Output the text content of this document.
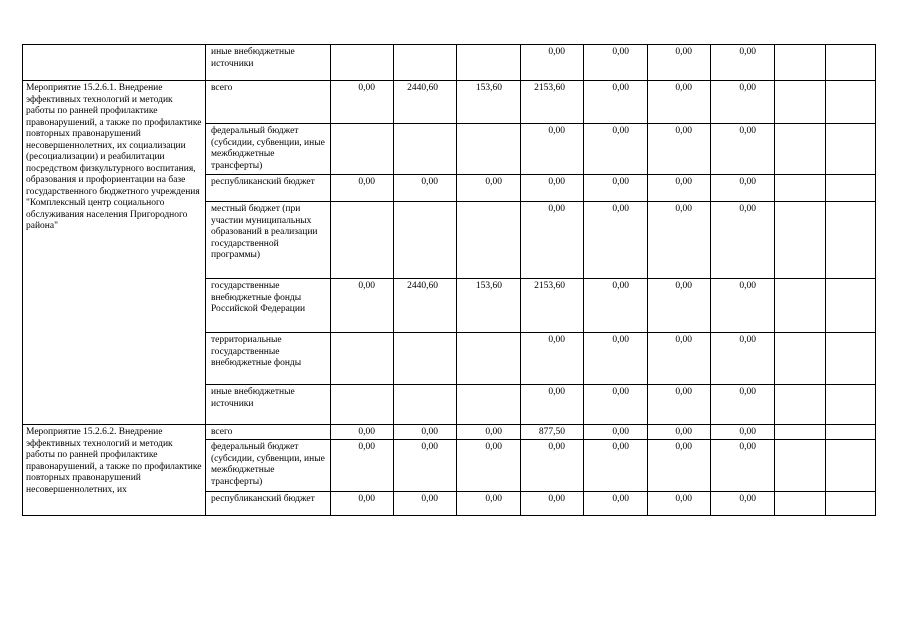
	иные внебюджетные источники				0,00	0,00	0,00	0,00		
Мероприятие 15.2.6.1. Внедрение эффективных технологий и методик работы по ранней профилактике правонарушений, а также по профилактике повторных правонарушений несовершеннолетних, их социализации (ресоциализации) и реабилитации посредством физкультурного воспитания, образования и профориентации на базе государственного бюджетного учреждения "Комплексный центр социального обслуживания населения Пригородного района"	всего	0,00	2440,60	153,60	2153,60	0,00	0,00	0,00		
	федеральный бюджет (субсидии, субвенции, иные межбюджетные трансферты)				0,00	0,00	0,00	0,00		
	республиканский бюджет	0,00	0,00	0,00	0,00	0,00	0,00	0,00		
	местный бюджет (при участии муниципальных образований в реализации государственной программы)				0,00	0,00	0,00	0,00		
	государственные внебюджетные фонды Российской Федерации	0,00	2440,60	153,60	2153,60	0,00	0,00	0,00		
	территориальные государственные внебюджетные фонды				0,00	0,00	0,00	0,00		
	иные внебюджетные источники				0,00	0,00	0,00	0,00		
Мероприятие 15.2.6.2. Внедрение эффективных технологий и методик работы по ранней профилактике правонарушений, а также по профилактике повторных правонарушений несовершеннолетних, их	всего	0,00	0,00	0,00	877,50	0,00	0,00	0,00		
	федеральный бюджет (субсидии, субвенции, иные межбюджетные трансферты)	0,00	0,00	0,00	0,00	0,00	0,00	0,00		
	республиканский бюджет	0,00	0,00	0,00	0,00	0,00	0,00	0,00		
